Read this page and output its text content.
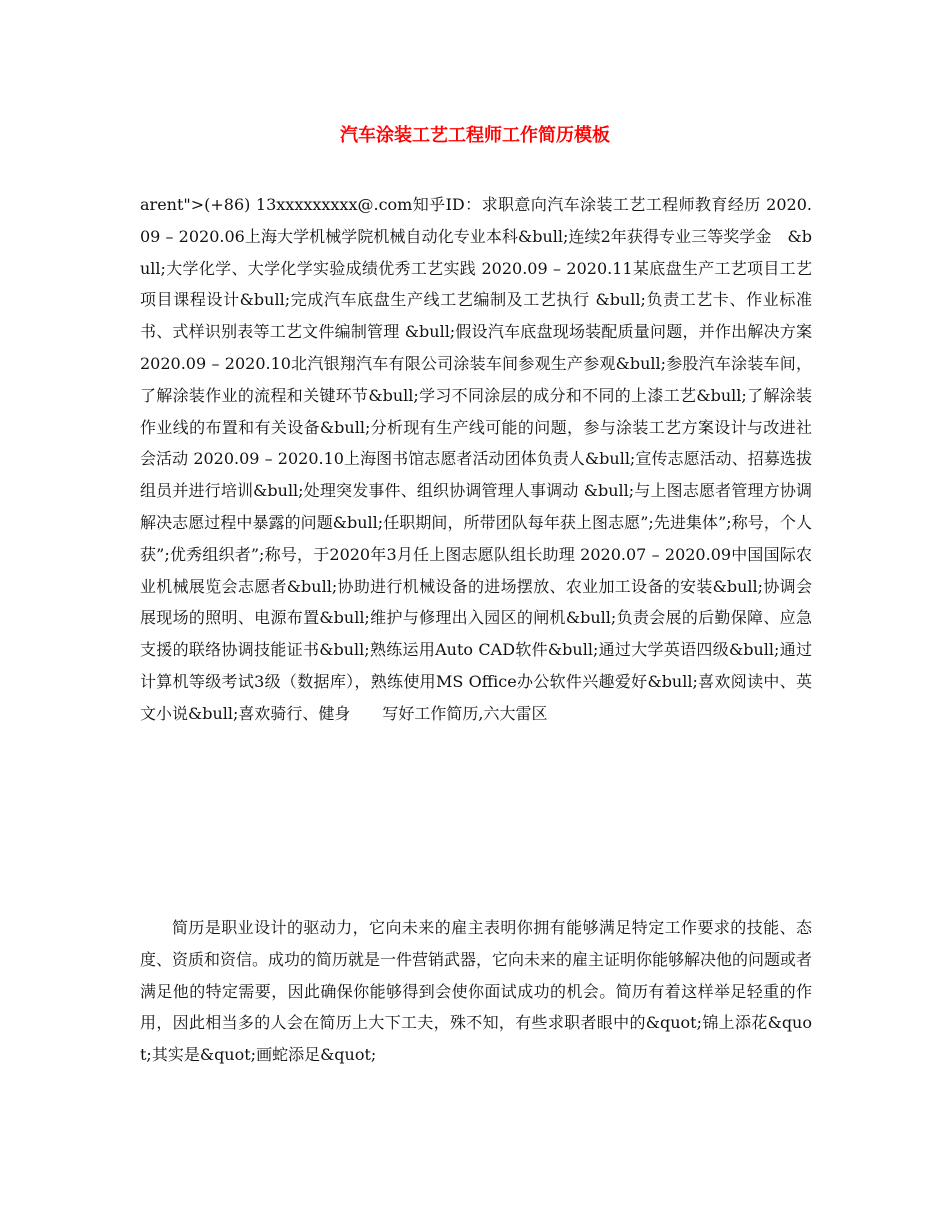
汽车涂装工艺工程师工作简历模板

arent">(+86) 13xxxxxxxxx@.com知乎ID：求职意向汽车涂装工艺工程师教育经历 2020.09 – 2020.06上海大学机械学院机械自动化专业本科&bull;连续2年获得专业三等奖学金　&bull;大学化学、大学化学实验成绩优秀工艺实践 2020.09 – 2020.11某底盘生产工艺项目工艺项目课程设计&bull;完成汽车底盘生产线工艺编制及工艺执行 &bull;负责工艺卡、作业标准书、式样识别表等工艺文件编制管理 &bull;假设汽车底盘现场装配质量问题，并作出解决方案 2020.09 – 2020.10北汽银翔汽车有限公司涂装车间参观生产参观&bull;参股汽车涂装车间，了解涂装作业的流程和关键环节&bull;学习不同涂层的成分和不同的上漆工艺&bull;了解涂装作业线的布置和有关设备&bull;分析现有生产线可能的问题，参与涂装工艺方案设计与改进社会活动 2020.09 – 2020.10上海图书馆志愿者活动团体负责人&bull;宣传志愿活动、招募选拔组员并进行培训&bull;处理突发事件、组织协调管理人事调动 &bull;与上图志愿者管理方协调解决志愿过程中暴露的问题&bull;任职期间，所带团队每年获上图志愿”;先进集体”;称号，个人获”;优秀组织者”;称号，于2020年3月任上图志愿队组长助理 2020.07 – 2020.09中国国际农业机械展览会志愿者&bull;协助进行机械设备的进场摆放、农业加工设备的安装&bull;协调会展现场的照明、电源布置&bull;维护与修理出入园区的闸机&bull;负责会展的后勤保障、应急支援的联络协调技能证书&bull;熟练运用Auto CAD软件&bull;通过大学英语四级&bull;通过计算机等级考试3级（数据库），熟练使用MS Office办公软件兴趣爱好&bull;喜欢阅读中、英文小说&bull;喜欢骑行、健身　　写好工作简历,六大雷区

简历是职业设计的驱动力，它向未来的雇主表明你拥有能够满足特定工作要求的技能、态度、资质和资信。成功的简历就是一件营销武器，它向未来的雇主证明你能够解决他的问题或者满足他的特定需要，因此确保你能够得到会使你面试成功的机会。简历有着这样举足轻重的作用，因此相当多的人会在简历上大下工夫，殊不知，有些求职者眼中的&quot;锦上添花&quot;其实是&quot;画蛇添足&quot;
